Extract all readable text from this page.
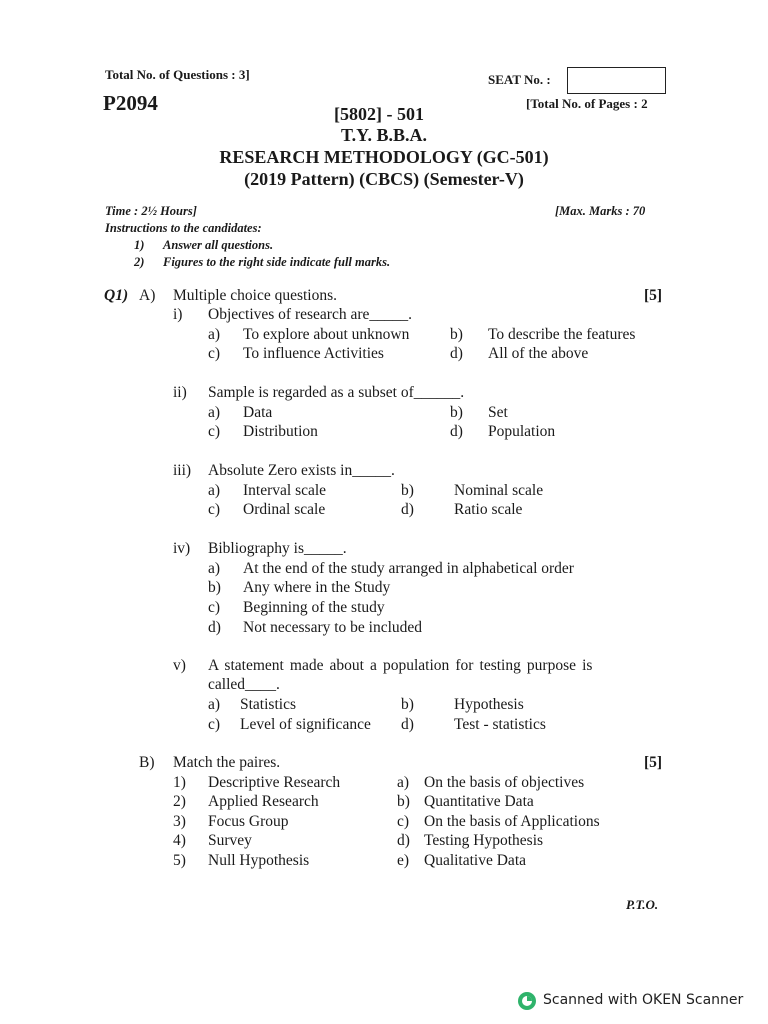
Total No. of Questions : 3]	SEAT No. :
P2094	[Total No. of Pages : 2
[5802] - 501
T.Y. B.B.A.
RESEARCH METHODOLOGY (GC-501)
(2019 Pattern) (CBCS) (Semester-V)
Time : 2½ Hours]	[Max. Marks : 70
Instructions to the candidates:
1) Answer all questions.
2) Figures to the right side indicate full marks.
Q1) A) Multiple choice questions.	[5]
i) Objectives of research are_____.
a) To explore about unknown	b) To describe the features
c) To influence Activities	d) All of the above
ii) Sample is regarded as a subset of______.
a) Data	b) Set
c) Distribution	d) Population
iii) Absolute Zero exists in_____.
a) Interval scale	b)	Nominal scale
c) Ordinal scale	d)	Ratio scale
iv) Bibliography is_____.
a) At the end of the study arranged in alphabetical order
b) Any where in the Study
c) Beginning of the study
d) Not necessary to be included
v) A statement made about a population for testing purpose is
called____.
a) Statistics	b)	Hypothesis
c) Level of significance d)	Test - statistics
B) Match the paires.	[5]
1) Descriptive Research	a) On the basis of objectives
2) Applied Research	b) Quantitative Data
3) Focus Group	c) On the basis of Applications
4) Survey	d) Testing Hypothesis
5) Null Hypothesis	e) Qualitative Data
P.T.O.
Scanned with OKEN Scanner
